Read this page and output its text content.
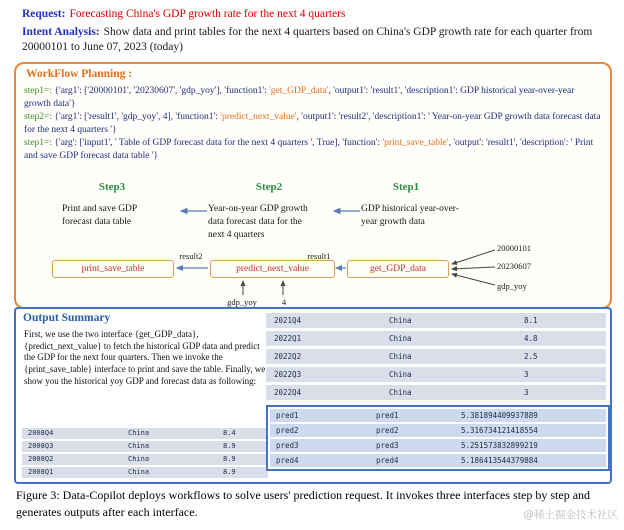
Request: Forecasting China's GDP growth rate for the next 4 quarters
Intent Analysis: Show data and print tables for the next 4 quarters based on China's GDP growth rate for each quarter from 20000101 to June 07, 2023 (today)
WorkFlow Planning :
step1=: {'arg1': ['20000101', '20230607', 'gdp_yoy'], 'function1': 'get_GDP_data', 'output1': 'result1', 'description1': GDP historical year-over-year growth data'}
step2=: {'arg1': ['result1', 'gdp_yoy', 4], 'function1': 'predict_next_value', 'output1': 'result2', 'description1': ' Year-on-year GDP growth data forecast data for the next 4 quarters '}
step1=: {'arg': ['input1', ' Table of GDP forecast data for the next 4 quarters ', True], 'function': 'print_save_table', 'output': 'result1', 'description': ' Print and save GDP forecast data table '}
Step3	Step2	Step1
Print and save GDP forecast data table
Year-on-year GDP growth data forecast data for the next 4 quarters
GDP historical year-over-year growth data
print_save_table	predict_next_value	get_GDP_data
result2	result1
gdp_yoy	4
20000101
20230607
gdp_yoy
Output Summary
First, we use the two interface {get_GDP_data},{predict_next_value} to fetch the historical GDP data and predict the GDP for the next four quarters. Then we invoke the {print_save_table} interface to print and save the table. Finally, we show you the historical yoy GDP and forecast data as following:
2021Q4	China	8.1
2022Q1	China	4.8
2022Q2	China	2.5
2022Q3	China	3
2022Q4	China	3
2008Q4	China	8.4
2008Q3	China	8.9
2008Q2	China	8.9
2008Q1	China	8.9
pred1	pred1	5.381894409937889
pred2	pred2	5.316734121418554
pred3	pred3	5.251573832899219
pred4	pred4	5.186413544379884
Figure 3: Data-Copilot deploys workflows to solve users' prediction request. It invokes three interfaces step by step and generates outputs after each interface.	@稀土掘金技术社区
